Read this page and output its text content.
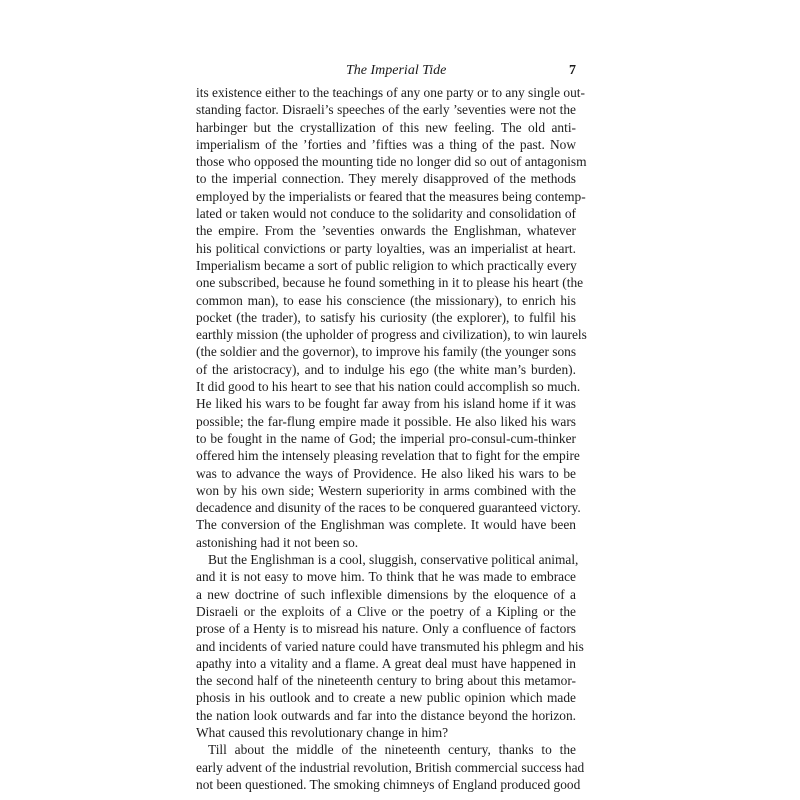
The Imperial Tide	7
its existence either to the teachings of any one party or to any single out-
standing factor. Disraeli’s speeches of the early ’seventies were not the
harbinger but the crystallization of this new feeling. The old anti-
imperialism of the ’forties and ’fifties was a thing of the past. Now
those who opposed the mounting tide no longer did so out of antagonism
to the imperial connection. They merely disapproved of the methods
employed by the imperialists or feared that the measures being contemp-
lated or taken would not conduce to the solidarity and consolidation of
the empire. From the ’seventies onwards the Englishman, whatever
his political convictions or party loyalties, was an imperialist at heart.
Imperialism became a sort of public religion to which practically every
one subscribed, because he found something in it to please his heart (the
common man), to ease his conscience (the missionary), to enrich his
pocket (the trader), to satisfy his curiosity (the explorer), to fulfil his
earthly mission (the upholder of progress and civilization), to win laurels
(the soldier and the governor), to improve his family (the younger sons
of the aristocracy), and to indulge his ego (the white man’s burden).
It did good to his heart to see that his nation could accomplish so much.
He liked his wars to be fought far away from his island home if it was
possible; the far-flung empire made it possible. He also liked his wars
to be fought in the name of God; the imperial pro-consul-cum-thinker
offered him the intensely pleasing revelation that to fight for the empire
was to advance the ways of Providence. He also liked his wars to be
won by his own side; Western superiority in arms combined with the
decadence and disunity of the races to be conquered guaranteed victory.
The conversion of the Englishman was complete. It would have been
astonishing had it not been so.
But the Englishman is a cool, sluggish, conservative political animal,
and it is not easy to move him. To think that he was made to embrace
a new doctrine of such inflexible dimensions by the eloquence of a
Disraeli or the exploits of a Clive or the poetry of a Kipling or the
prose of a Henty is to misread his nature. Only a confluence of factors
and incidents of varied nature could have transmuted his phlegm and his
apathy into a vitality and a flame. A great deal must have happened in
the second half of the nineteenth century to bring about this metamor-
phosis in his outlook and to create a new public opinion which made
the nation look outwards and far into the distance beyond the horizon.
What caused this revolutionary change in him?
Till about the middle of the nineteenth century, thanks to the
early advent of the industrial revolution, British commercial success had
not been questioned. The smoking chimneys of England produced good
